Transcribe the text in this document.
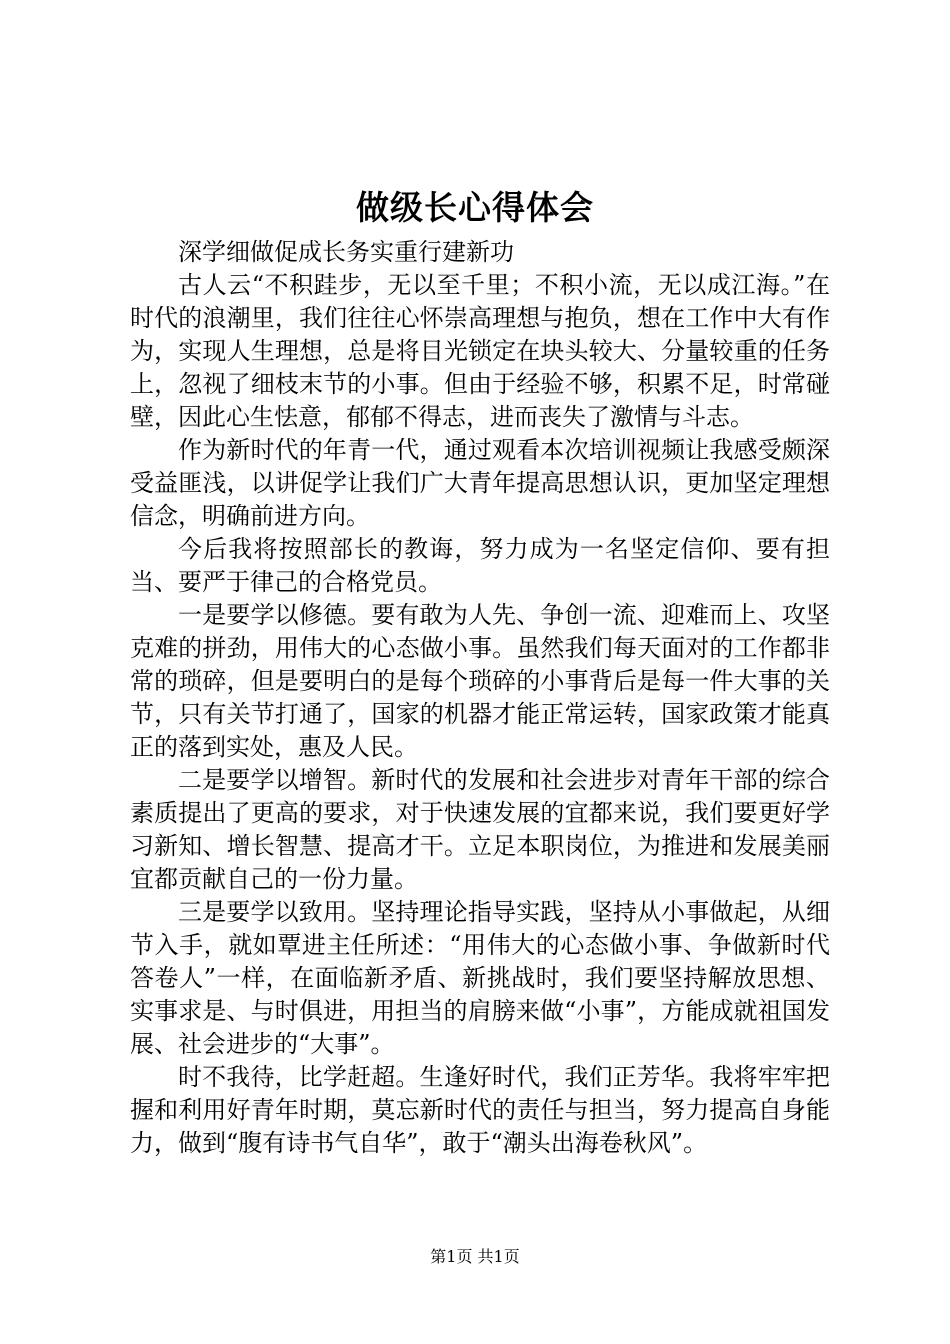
做级长心得体会

深学细做促成长务实重行建新功

古人云“不积跬步，无以至千里；不积小流，无以成江海。”在时代的浪潮里，我们往往心怀崇高理想与抱负，想在工作中大有作为，实现人生理想，总是将目光锁定在块头较大、分量较重的任务上，忽视了细枝末节的小事。但由于经验不够，积累不足，时常碰壁，因此心生怯意，郁郁不得志，进而丧失了激情与斗志。

作为新时代的年青一代，通过观看本次培训视频让我感受颇深受益匪浅，以讲促学让我们广大青年提高思想认识，更加坚定理想信念，明确前进方向。

今后我将按照部长的教诲，努力成为一名坚定信仰、要有担当、要严于律己的合格党员。

一是要学以修德。要有敢为人先、争创一流、迎难而上、攻坚克难的拼劲，用伟大的心态做小事。虽然我们每天面对的工作都非常的琐碎，但是要明白的是每个琐碎的小事背后是每一件大事的关节，只有关节打通了，国家的机器才能正常运转，国家政策才能真正的落到实处，惠及人民。

二是要学以增智。新时代的发展和社会进步对青年干部的综合素质提出了更高的要求，对于快速发展的宜都来说，我们要更好学习新知、增长智慧、提高才干。立足本职岗位，为推进和发展美丽宜都贡献自己的一份力量。

三是要学以致用。坚持理论指导实践，坚持从小事做起，从细节入手，就如覃进主任所述：“用伟大的心态做小事、争做新时代答卷人”一样，在面临新矛盾、新挑战时，我们要坚持解放思想、实事求是、与时俱进，用担当的肩膀来做“小事”，方能成就祖国发展、社会进步的“大事”。

时不我待，比学赶超。生逢好时代，我们正芳华。我将牢牢把握和利用好青年时期，莫忘新时代的责任与担当，努力提高自身能力，做到“腹有诗书气自华”，敢于“潮头出海卷秋风”。

第1页 共1页
